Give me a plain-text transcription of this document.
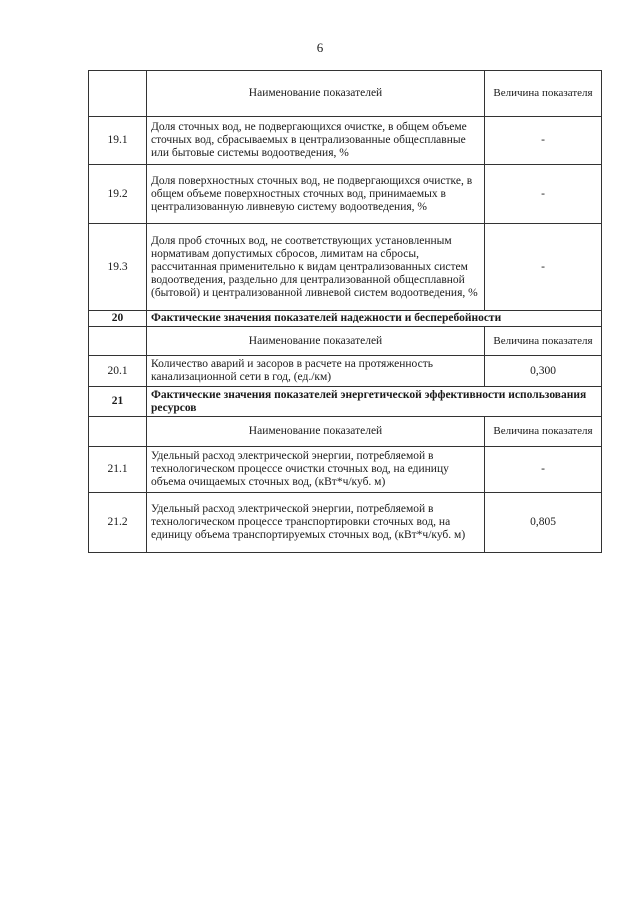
6
	Наименование показателей	Величина показателя
19.1	Доля сточных вод, не подвергающихся очистке, в общем объеме сточных вод, сбрасываемых в централизованные общесплавные или бытовые системы водоотведения, %	-
19.2	Доля поверхностных сточных вод, не подвергающихся очистке, в общем объеме поверхностных сточных вод, принимаемых в централизованную ливневую систему водоотведения, %	-
19.3	Доля проб сточных вод, не соответствующих установленным нормативам допустимых сбросов, лимитам на сбросы, рассчитанная применительно к видам централизованных систем водоотведения, раздельно для централизованной общесплавной (бытовой) и централизованной ливневой систем водоотведения, %	-
20	Фактические значения показателей надежности и бесперебойности	
	Наименование показателей	Величина показателя
20.1	Количество аварий и засоров в расчете на протяженность канализационной сети в год, (ед./км)	0,300
21	Фактические значения показателей энергетической эффективности использования ресурсов	
	Наименование показателей	Величина показателя
21.1	Удельный расход электрической энергии, потребляемой в технологическом процессе очистки сточных вод, на единицу объема очищаемых сточных вод, (кВт*ч/куб. м)	-
21.2	Удельный расход электрической энергии, потребляемой в технологическом процессе транспортировки сточных вод, на единицу объема транспортируемых сточных вод, (кВт*ч/куб. м)	0,805
